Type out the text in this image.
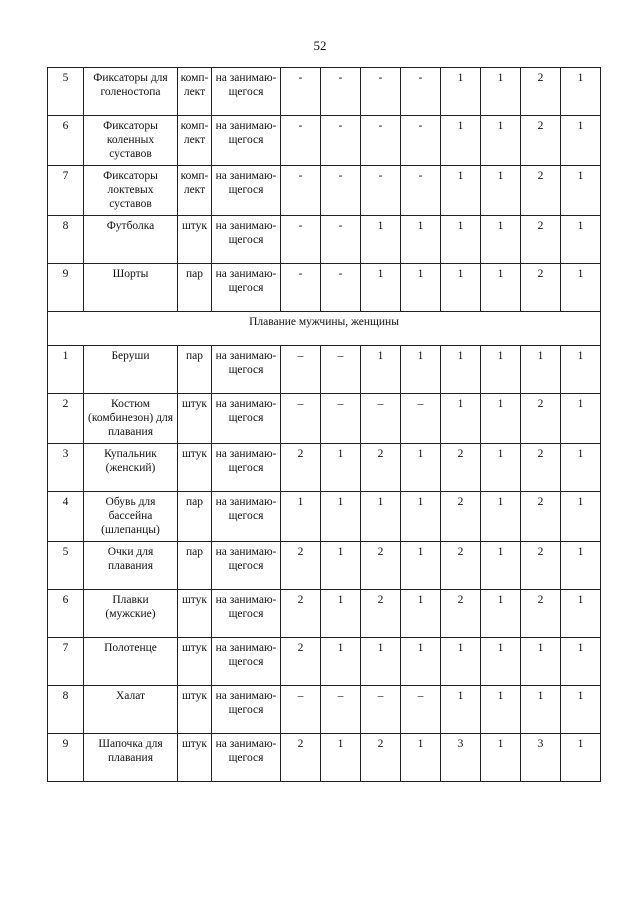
52
5	Фиксаторы для голеностопа	комп-лект	на занимаю-щегося	-	-	-	-	1	1	2	1
6	Фиксаторы коленных суставов	комп-лект	на занимаю-щегося	-	-	-	-	1	1	2	1
7	Фиксаторы локтевых суставов	комп-лект	на занимаю-щегося	-	-	-	-	1	1	2	1
8	Футболка	штук	на занимаю-щегося	-	-	1	1	1	1	2	1
9	Шорты	пар	на занимаю-щегося	-	-	1	1	1	1	2	1
Плавание мужчины, женщины											
1	Беруши	пар	на занимаю-щегося	–	–	1	1	1	1	1	1
2	Костюм (комбинезон) для плавания	штук	на занимаю-щегося	–	–	–	–	1	1	2	1
3	Купальник (женский)	штук	на занимаю-щегося	2	1	2	1	2	1	2	1
4	Обувь для бассейна (шлепанцы)	пар	на занимаю-щегося	1	1	1	1	2	1	2	1
5	Очки для плавания	пар	на занимаю-щегося	2	1	2	1	2	1	2	1
6	Плавки (мужские)	штук	на занимаю-щегося	2	1	2	1	2	1	2	1
7	Полотенце	штук	на занимаю-щегося	2	1	1	1	1	1	1	1
8	Халат	штук	на занимаю-щегося	–	–	–	–	1	1	1	1
9	Шапочка для плавания	штук	на занимаю-щегося	2	1	2	1	3	1	3	1
